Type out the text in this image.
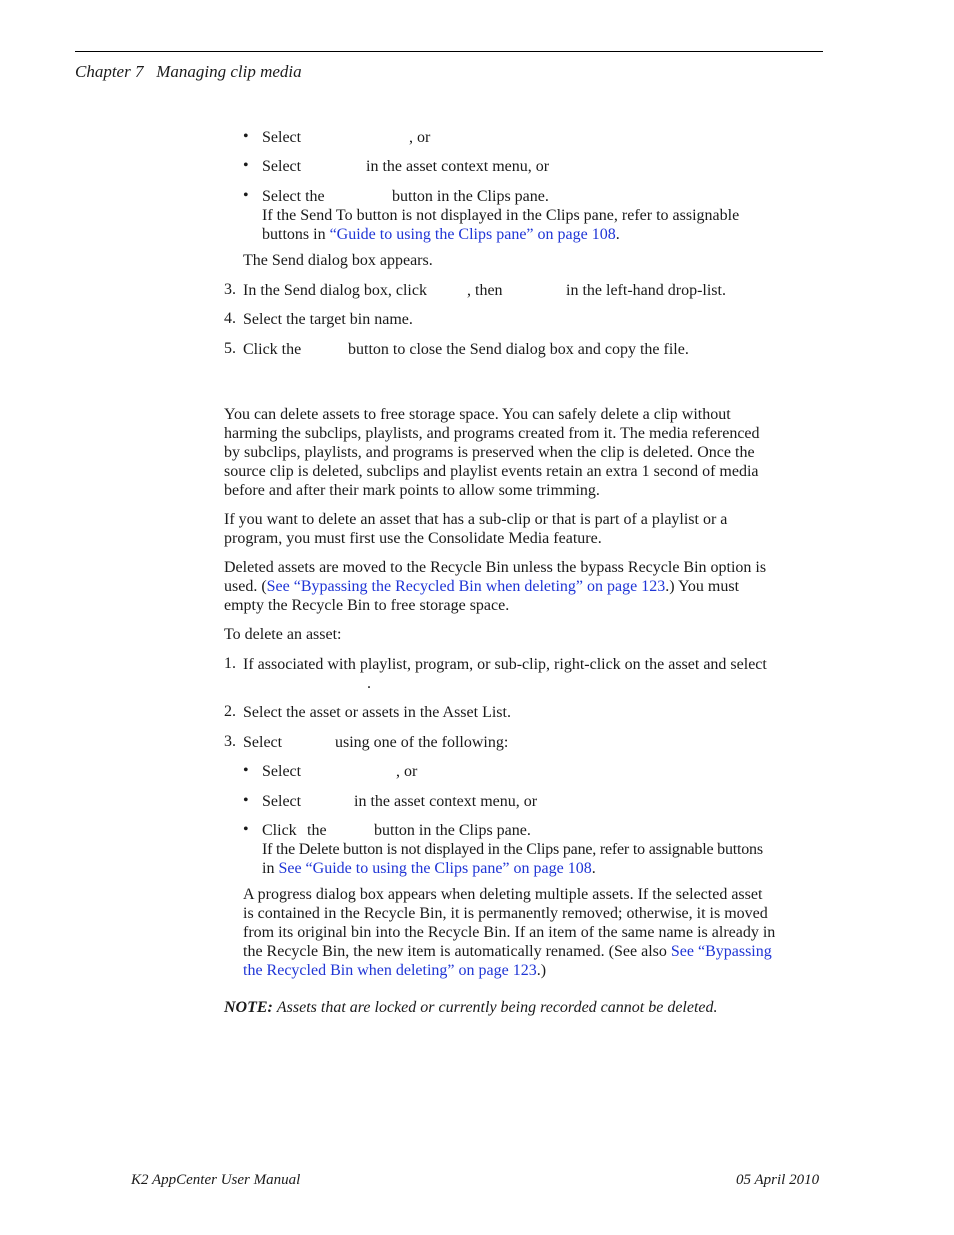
Chapter 7   Managing clip media
• Select	, or
• Select	in the asset context menu, or
• Select the	button in the Clips pane.
If the Send To button is not displayed in the Clips pane, refer to assignable
buttons in “Guide to using the Clips pane” on page 108.
The Send dialog box appears.
3. In the Send dialog box, click	, then	in the left-hand drop-list.
4. Select the target bin name.
5. Click the	button to close the Send dialog box and copy the file.
You can delete assets to free storage space. You can safely delete a clip without
harming the subclips, playlists, and programs created from it. The media referenced
by subclips, playlists, and programs is preserved when the clip is deleted. Once the
source clip is deleted, subclips and playlist events retain an extra 1 second of media
before and after their mark points to allow some trimming.
If you want to delete an asset that has a sub-clip or that is part of a playlist or a
program, you must first use the Consolidate Media feature.
Deleted assets are moved to the Recycle Bin unless the bypass Recycle Bin option is
used. (See “Bypassing the Recycled Bin when deleting” on page 123.) You must
empty the Recycle Bin to free storage space.
To delete an asset:
1. If associated with playlist, program, or sub-clip, right-click on the asset and select
.
2. Select the asset or assets in the Asset List.
3. Select	using one of the following:
• Select	, or
• Select	in the asset context menu, or
• Click the	button in the Clips pane.
If the Delete button is not displayed in the Clips pane, refer to assignable buttons
in See “Guide to using the Clips pane” on page 108.
A progress dialog box appears when deleting multiple assets. If the selected asset
is contained in the Recycle Bin, it is permanently removed; otherwise, it is moved
from its original bin into the Recycle Bin. If an item of the same name is already in
the Recycle Bin, the new item is automatically renamed. (See also See “Bypassing
the Recycled Bin when deleting” on page 123.)
NOTE: Assets that are locked or currently being recorded cannot be deleted.
K2 AppCenter User Manual	05 April 2010
